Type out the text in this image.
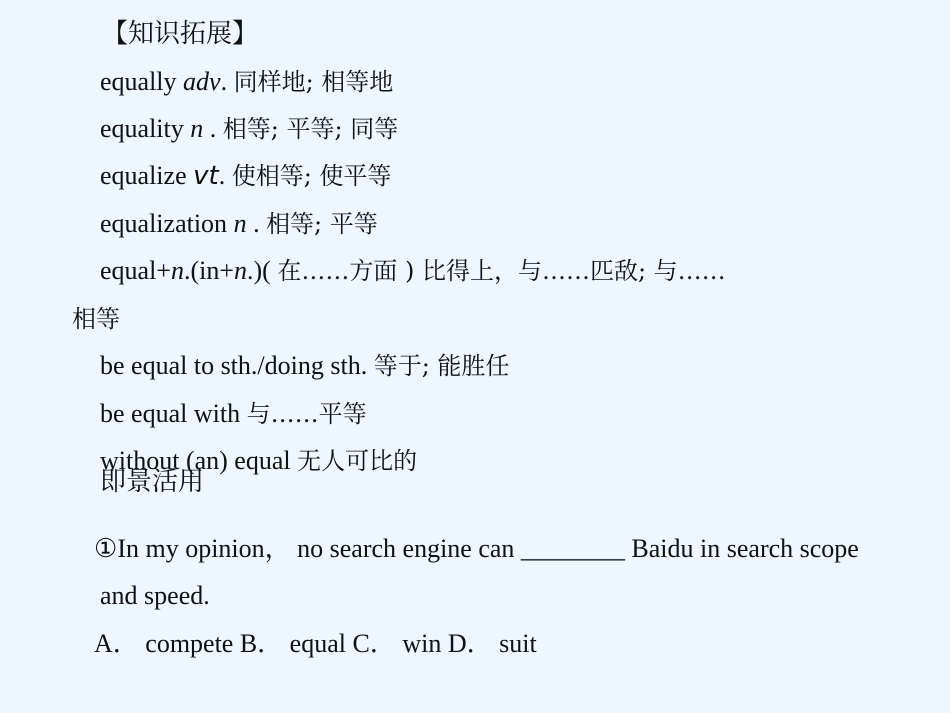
【知识拓展】
equally adv. 同样地; 相等地
equality n . 相等; 平等; 同等
equalize vt. 使相等; 使平等
equalization n . 相等; 平等
equal+n.(in+n.)( 在……方面 ) 比得上，与……匹敌; 与……
相等
be equal to sth./doing sth. 等于; 能胜任
be equal with 与……平等
without (an) equal 无人可比的
即景活用
①In my opinion， no search engine can ________ Baidu in search scope
and speed.
A． compete B． equal C． win D． suit
